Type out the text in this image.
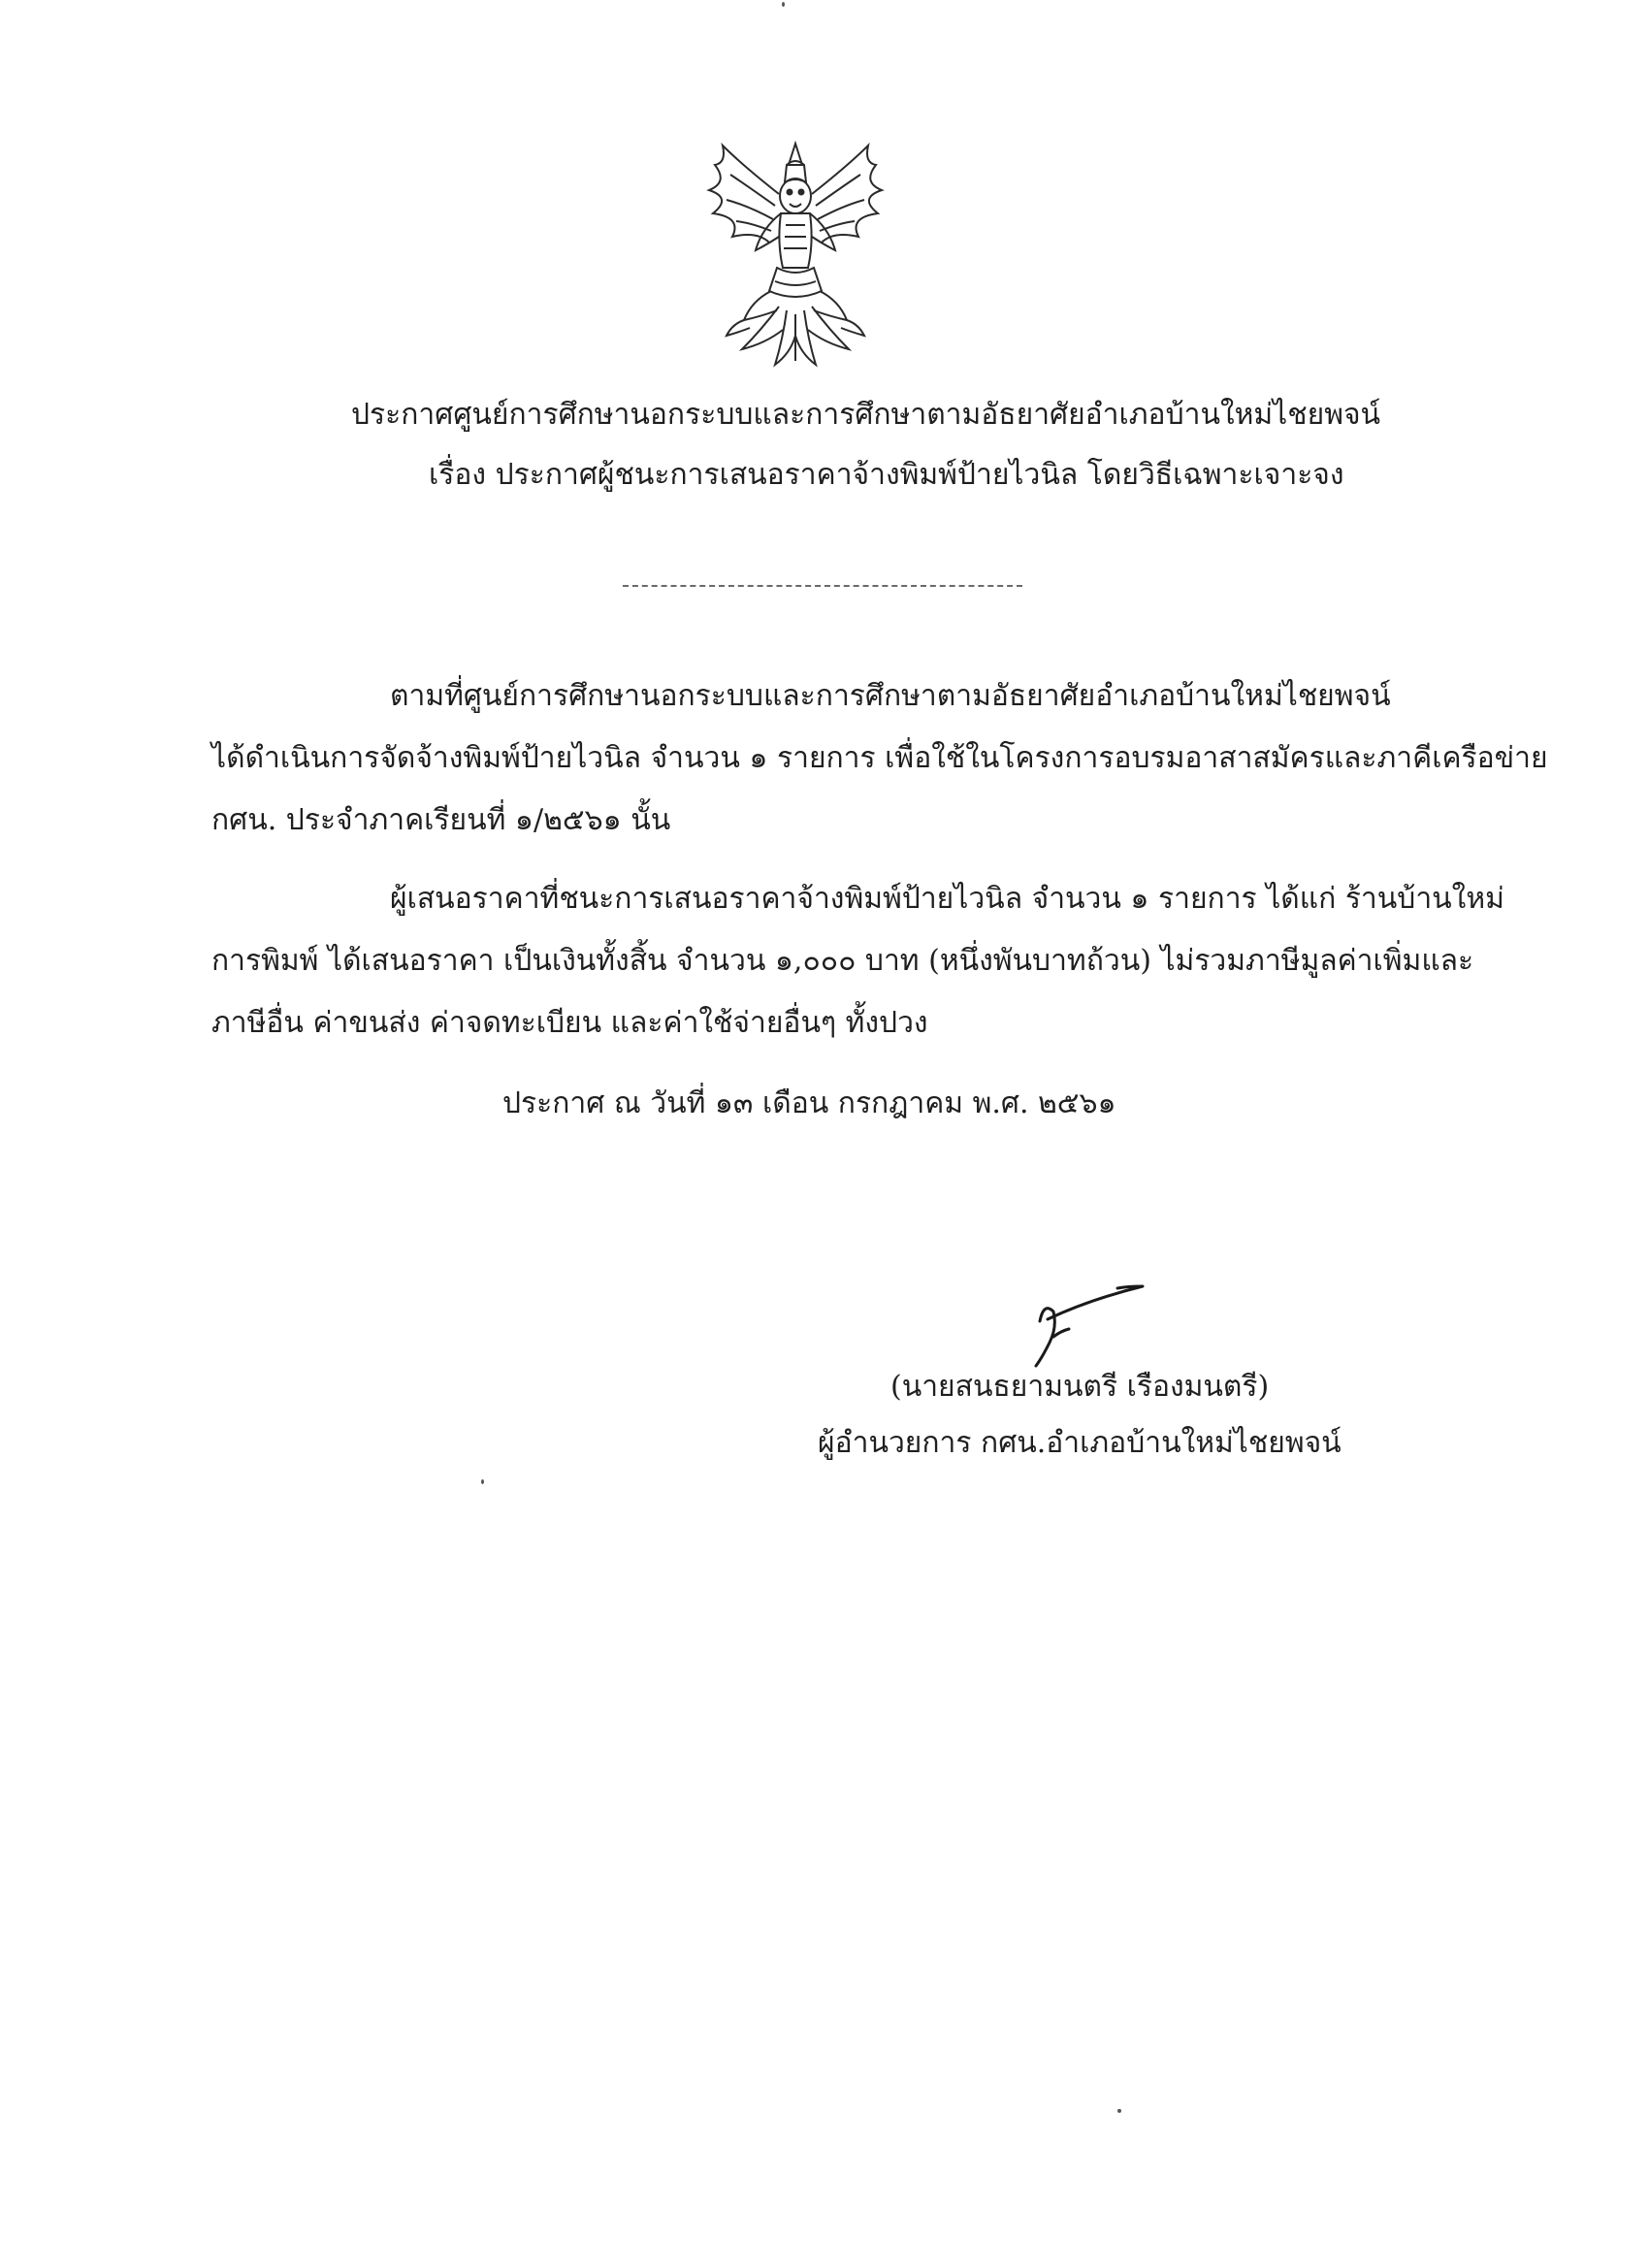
ประกาศศูนย์การศึกษานอกระบบและการศึกษาตามอัธยาศัยอำเภอบ้านใหม่ไชยพจน์
เรื่อง ประกาศผู้ชนะการเสนอราคาจ้างพิมพ์ป้ายไวนิล โดยวิธีเฉพาะเจาะจง
ตามที่ศูนย์การศึกษานอกระบบและการศึกษาตามอัธยาศัยอำเภอบ้านใหม่ไชยพจน์
ได้ดำเนินการจัดจ้างพิมพ์ป้ายไวนิล จำนวน ๑ รายการ เพื่อใช้ในโครงการอบรมอาสาสมัครและภาคีเครือข่าย
กศน. ประจำภาคเรียนที่ ๑/๒๕๖๑ นั้น
ผู้เสนอราคาที่ชนะการเสนอราคาจ้างพิมพ์ป้ายไวนิล จำนวน ๑ รายการ ได้แก่ ร้านบ้านใหม่
การพิมพ์ ได้เสนอราคา เป็นเงินทั้งสิ้น จำนวน ๑,๐๐๐ บาท (หนึ่งพันบาทถ้วน) ไม่รวมภาษีมูลค่าเพิ่มและ
ภาษีอื่น ค่าขนส่ง ค่าจดทะเบียน และค่าใช้จ่ายอื่นๆ ทั้งปวง
ประกาศ ณ วันที่ ๑๓ เดือน กรกฎาคม พ.ศ. ๒๕๖๑
(นายสนธยามนตรี เรืองมนตรี)
ผู้อำนวยการ กศน.อำเภอบ้านใหม่ไชยพจน์
